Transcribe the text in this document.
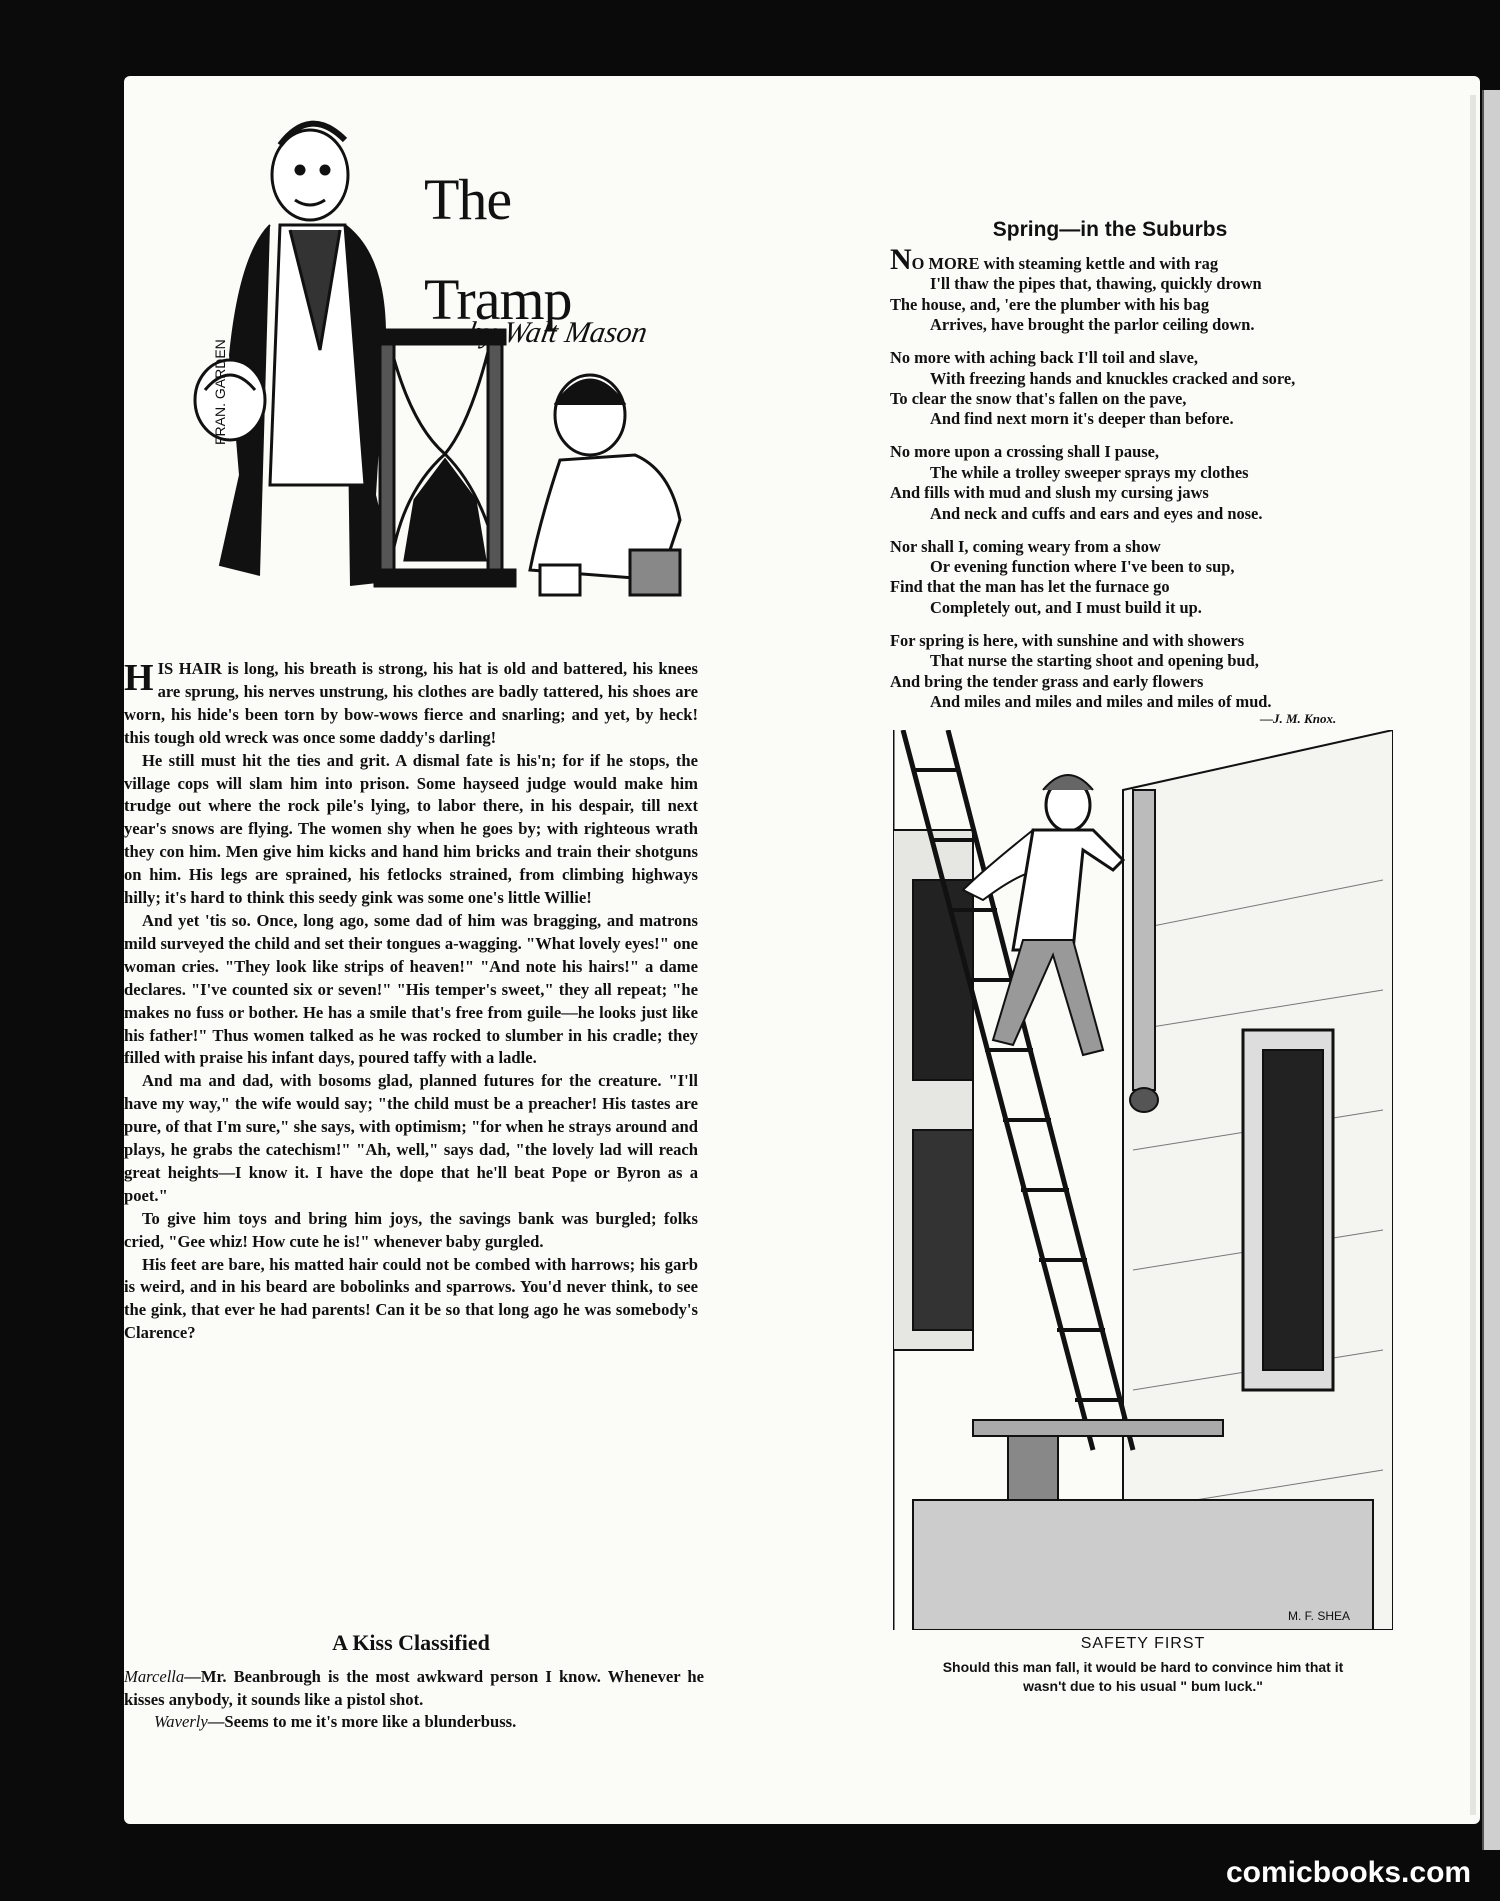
FRAN. GARDEN
The
Tramp
by Walt Mason

HIS HAIR is long, his breath is strong, his hat is old and battered, his knees are sprung, his nerves unstrung, his clothes are badly tattered, his shoes are worn, his hide's been torn by bow-wows fierce and snarling; and yet, by heck! this tough old wreck was once some daddy's darling!

He still must hit the ties and grit. A dismal fate is his'n; for if he stops, the village cops will slam him into prison. Some hayseed judge would make him trudge out where the rock pile's lying, to labor there, in his despair, till next year's snows are flying. The women shy when he goes by; with righteous wrath they con him. Men give him kicks and hand him bricks and train their shotguns on him. His legs are sprained, his fetlocks strained, from climbing highways hilly; it's hard to think this seedy gink was some one's little Willie!

And yet 'tis so. Once, long ago, some dad of him was bragging, and matrons mild surveyed the child and set their tongues a-wagging. "What lovely eyes!" one woman cries. "They look like strips of heaven!" "And note his hairs!" a dame declares. "I've counted six or seven!" "His temper's sweet," they all repeat; "he makes no fuss or bother. He has a smile that's free from guile—he looks just like his father!" Thus women talked as he was rocked to slumber in his cradle; they filled with praise his infant days, poured taffy with a ladle.

And ma and dad, with bosoms glad, planned futures for the creature. "I'll have my way," the wife would say; "the child must be a preacher! His tastes are pure, of that I'm sure," she says, with optimism; "for when he strays around and plays, he grabs the catechism!" "Ah, well," says dad, "the lovely lad will reach great heights—I know it. I have the dope that he'll beat Pope or Byron as a poet."

To give him toys and bring him joys, the savings bank was burgled; folks cried, "Gee whiz! How cute he is!" whenever baby gurgled.

His feet are bare, his matted hair could not be combed with harrows; his garb is weird, and in his beard are bobolinks and sparrows. You'd never think, to see the gink, that ever he had parents! Can it be so that long ago he was somebody's Clarence?

A Kiss Classified

Marcella—Mr. Beanbrough is the most awkward person I know. Whenever he kisses anybody, it sounds like a pistol shot.

Waverly—Seems to me it's more like a blunderbuss.

Spring—in the Suburbs
NO MORE with steaming kettle and with rag
I'll thaw the pipes that, thawing, quickly drown
The house, and, 'ere the plumber with his bag
Arrives, have brought the parlor ceiling down.
No more with aching back I'll toil and slave,
With freezing hands and knuckles cracked and sore,
To clear the snow that's fallen on the pave,
And find next morn it's deeper than before.
No more upon a crossing shall I pause,
The while a trolley sweeper sprays my clothes
And fills with mud and slush my cursing jaws
And neck and cuffs and ears and eyes and nose.
Nor shall I, coming weary from a show
Or evening function where I've been to sup,
Find that the man has let the furnace go
Completely out, and I must build it up.
For spring is here, with sunshine and with showers
That nurse the starting shoot and opening bud,
And bring the tender grass and early flowers
And miles and miles and miles and miles of mud.
—J. M. Knox.
M. F. SHEA
SAFETY FIRST
Should this man fall, it would be hard to convince him that it
wasn't due to his usual " bum luck."
comicbooks.com
